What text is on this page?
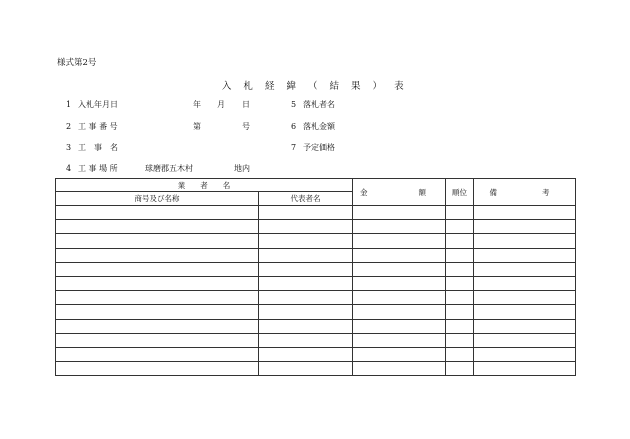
様式第2号
入 札 経 緯 （ 結 果 ） 表
1 入札年月日	年 月 日
2 工 事 番 号	第	号
3 工　事　名
4 工 事 場 所	球磨郡五木村	地内
5 落札者名
6 落札金額
7 予定価格
業　　者　　名		金　　額	順位	備　　考
商号及び名称	代表者名			
